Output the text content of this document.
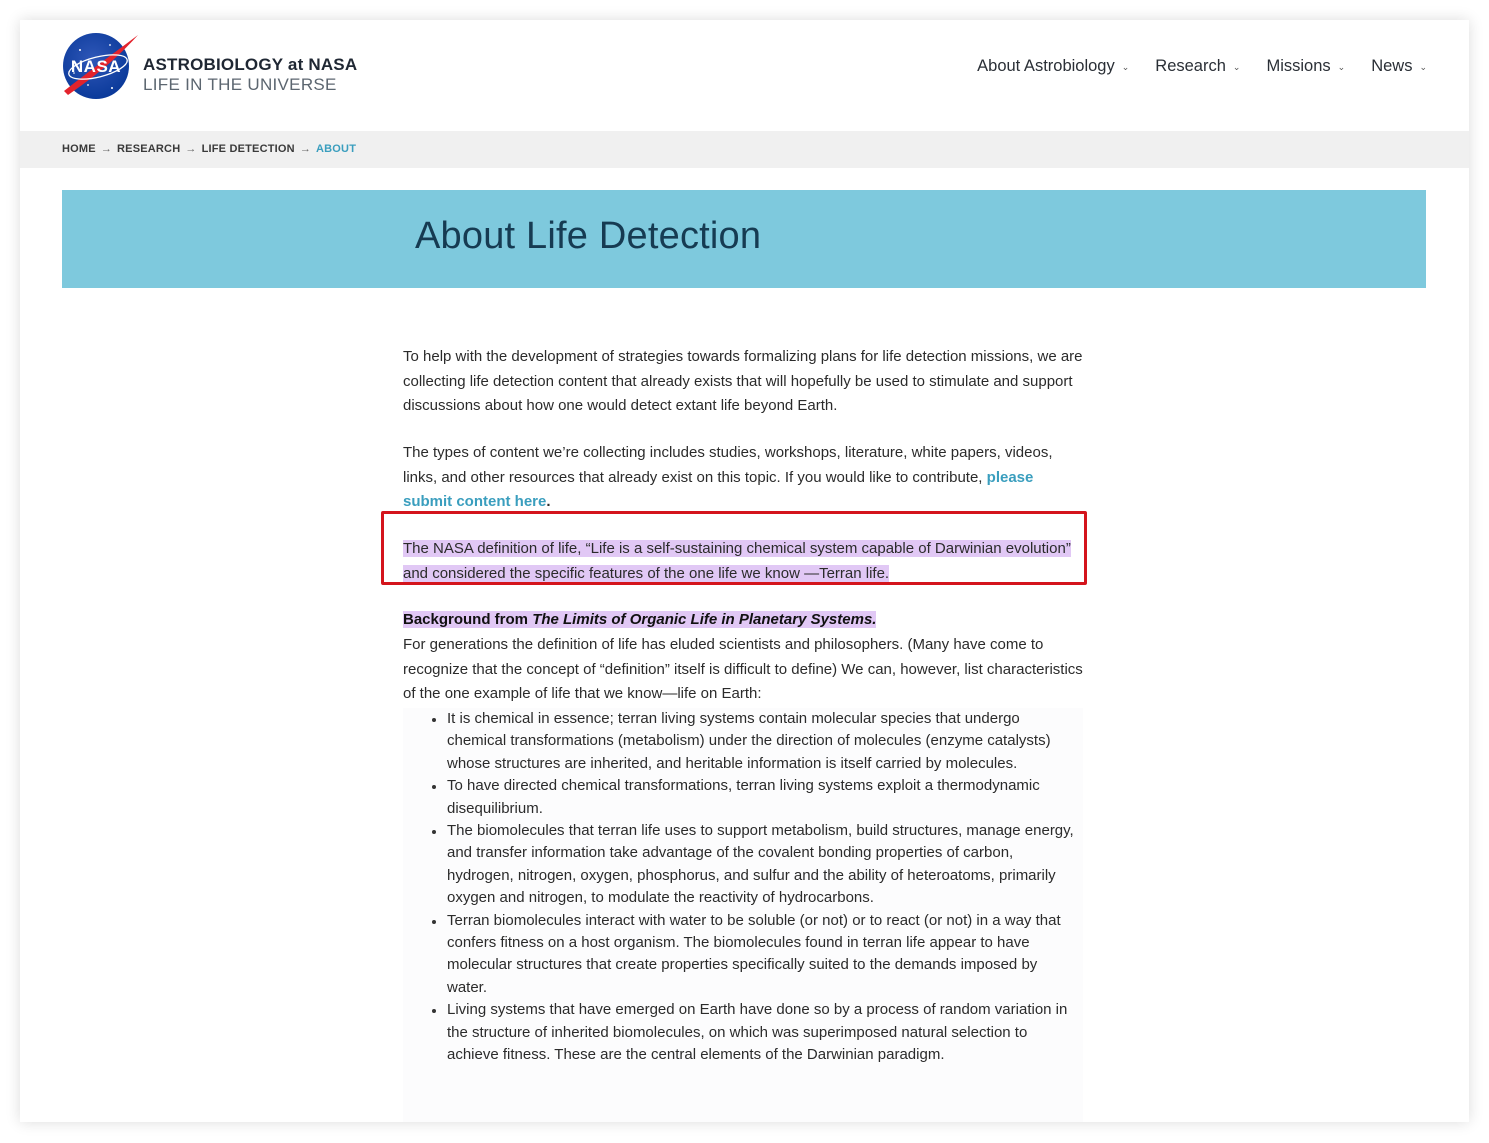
NASA ASTROBIOLOGY at NASA
LIFE IN THE UNIVERSE
About Astrobiology ⌄ Research ⌄ Missions ⌄ News ⌄
HOME → RESEARCH → LIFE DETECTION → ABOUT
About Life Detection

To help with the development of strategies towards formalizing plans for life detection missions, we are collecting life detection content that already exists that will hopefully be used to stimulate and support discussions about how one would detect extant life beyond Earth.

The types of content we’re collecting includes studies, workshops, literature, white papers, videos, links, and other resources that already exist on this topic. If you would like to contribute, please submit content here.

The NASA definition of life, “Life is a self-sustaining chemical system capable of Darwinian evolution” and considered the specific features of the one life we know —Terran life.

Background from The Limits of Organic Life in Planetary Systems.

For generations the definition of life has eluded scientists and philosophers. (Many have come to recognize that the concept of “definition” itself is difficult to define) We can, however, list characteristics of the one example of life that we know—life on Earth:

It is chemical in essence; terran living systems contain molecular species that undergo chemical transformations (metabolism) under the direction of molecules (enzyme catalysts) whose structures are inherited, and heritable information is itself carried by molecules.
To have directed chemical transformations, terran living systems exploit a thermodynamic disequilibrium.
The biomolecules that terran life uses to support metabolism, build structures, manage energy, and transfer information take advantage of the covalent bonding properties of carbon, hydrogen, nitrogen, oxygen, phosphorus, and sulfur and the ability of heteroatoms, primarily oxygen and nitrogen, to modulate the reactivity of hydrocarbons.
Terran biomolecules interact with water to be soluble (or not) or to react (or not) in a way that confers fitness on a host organism. The biomolecules found in terran life appear to have molecular structures that create properties specifically suited to the demands imposed by water.
Living systems that have emerged on Earth have done so by a process of random variation in the structure of inherited biomolecules, on which was superimposed natural selection to achieve fitness. These are the central elements of the Darwinian paradigm.
